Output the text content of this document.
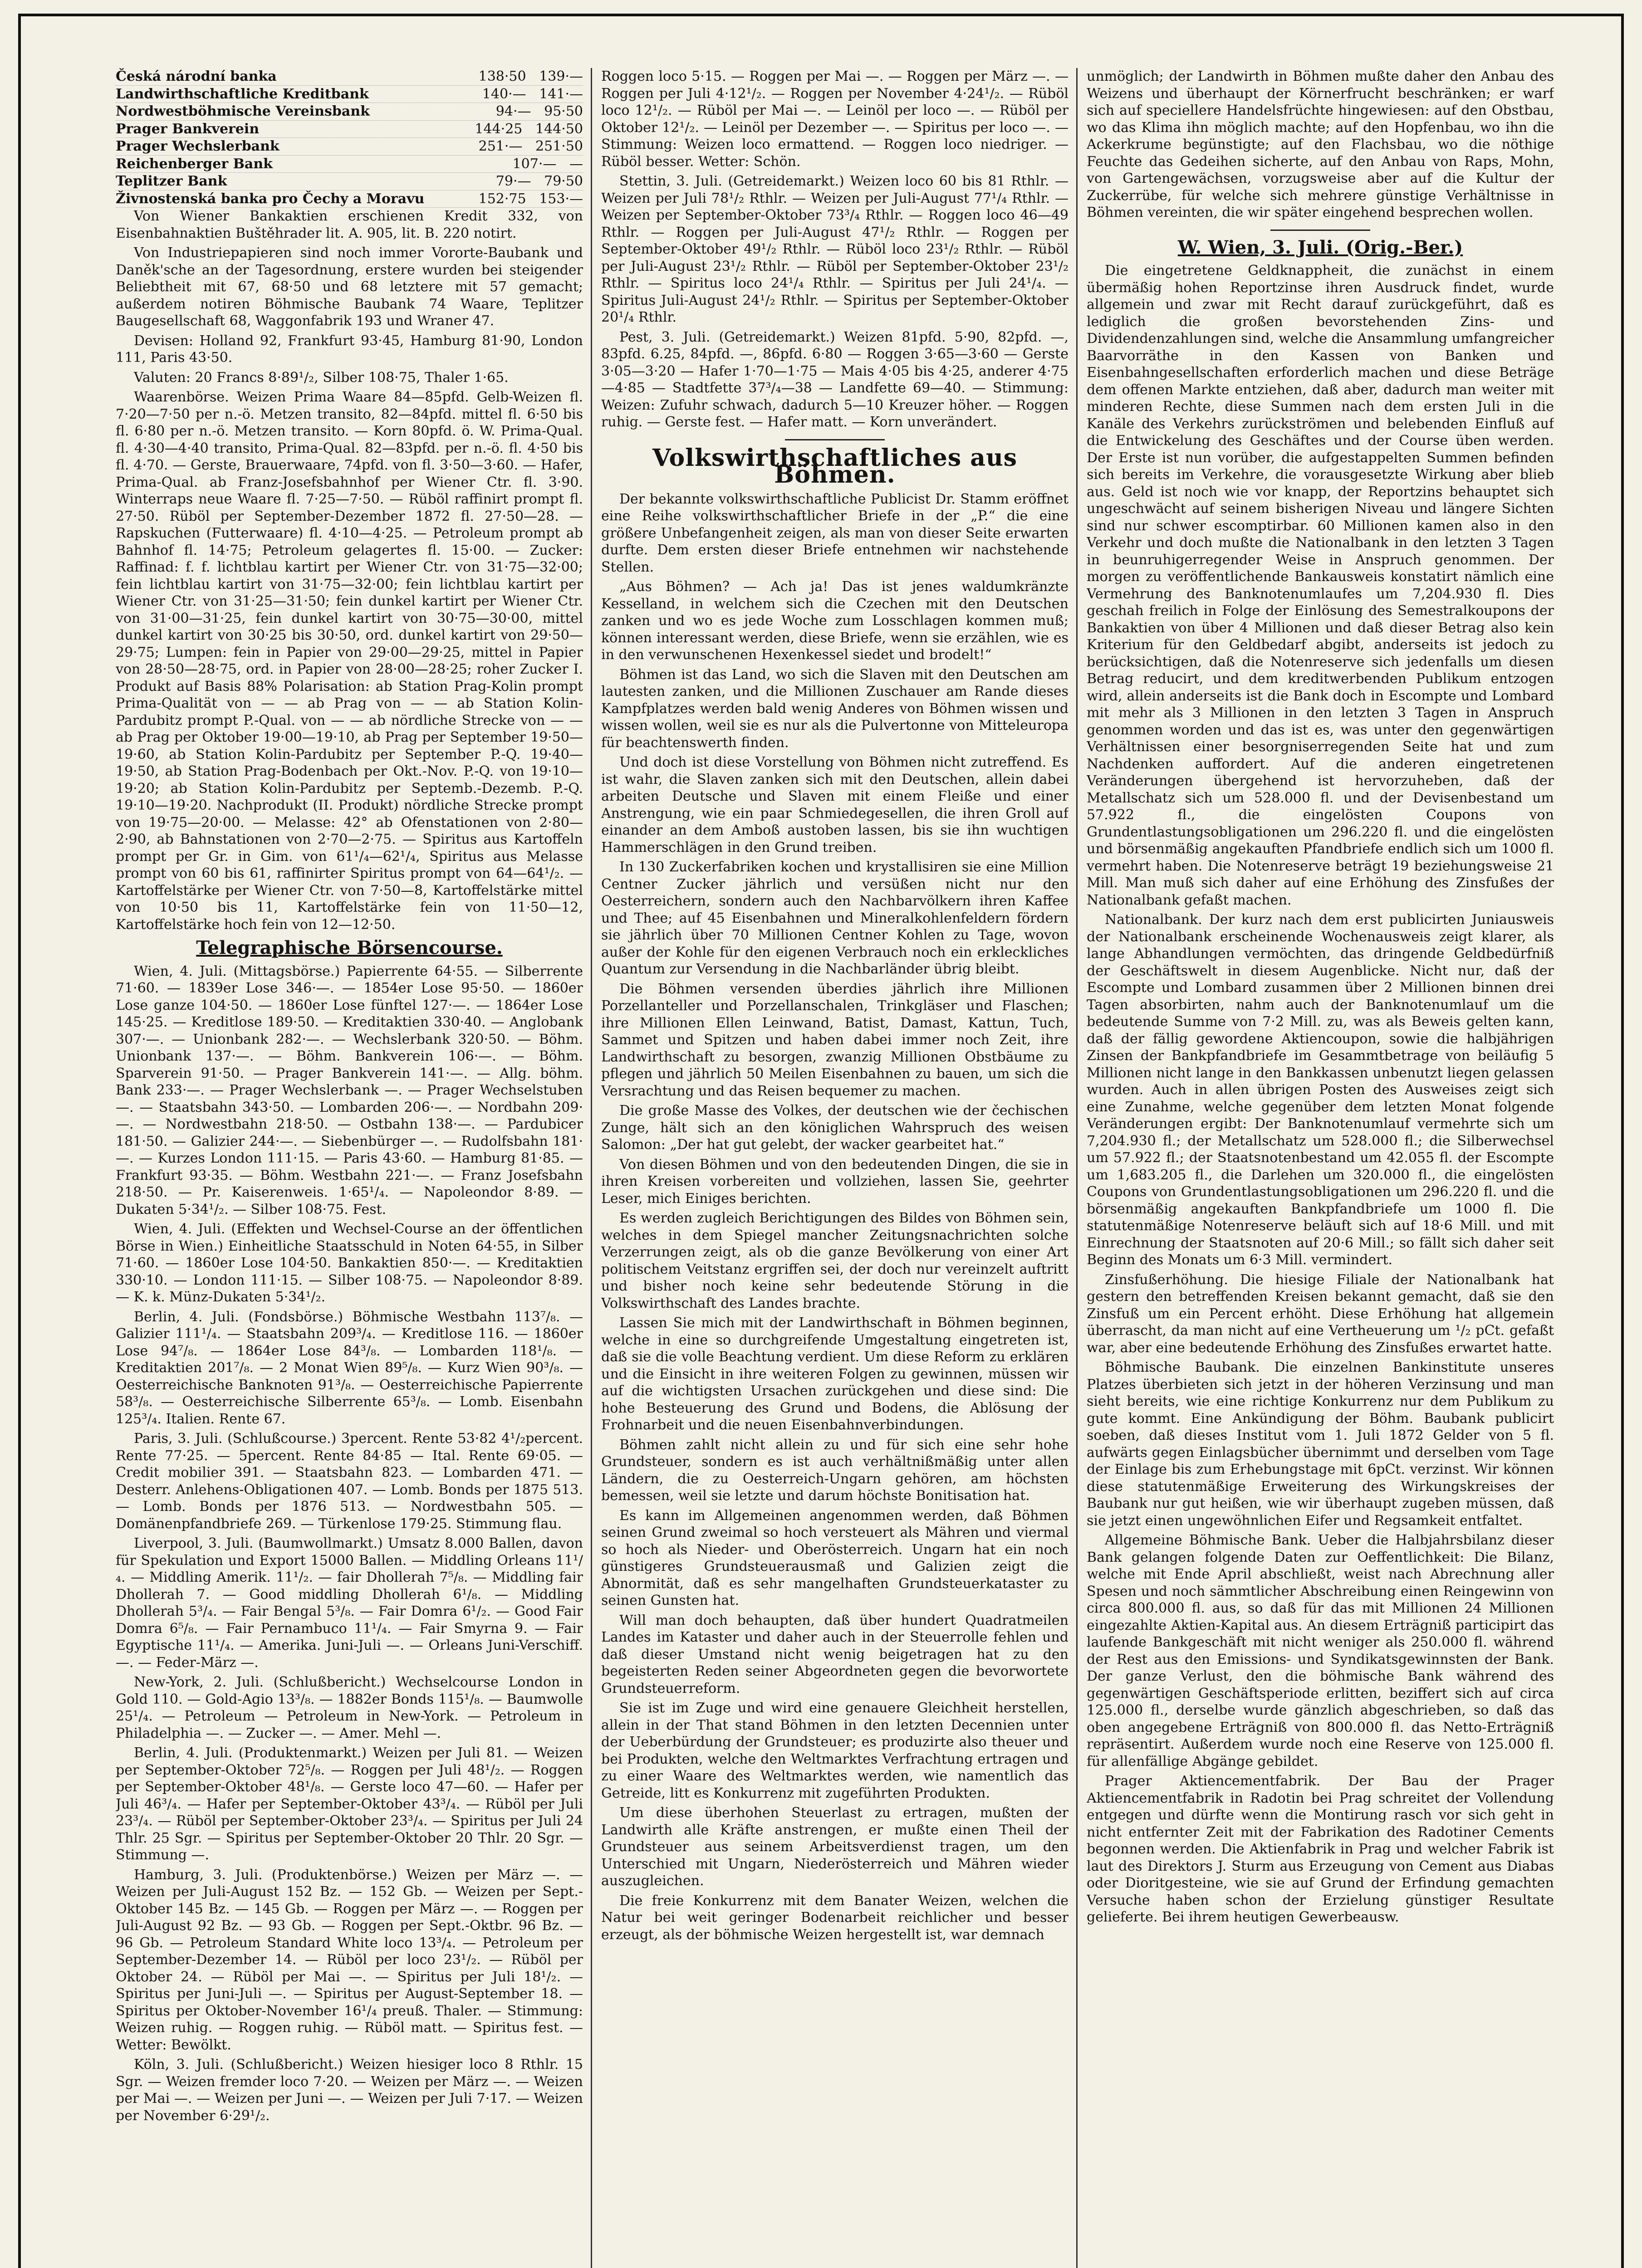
Česká národní banka	138·50 139·—
Landwirthschaftliche Kreditbank	140·— 141·—
Nordwestböhmische Vereinsbank	94·— 95·50
Prager Bankverein	144·25 144·50
Prager Wechslerbank	251·— 251·50
Reichenberger Bank	107·— —
Teplitzer Bank	79·— 79·50
Živnostenská banka pro Čechy a Moravu	152·75 153·—

Von Wiener Bankaktien erschienen Kredit 332, von Eisenbahnaktien Buštěhrader lit. A. 905, lit. B. 220 notirt.

Von Industriepapieren sind noch immer Vororte-Baubank und Daněk'sche an der Tagesordnung, erstere wurden bei steigender Beliebtheit mit 67, 68·50 und 68 letztere mit 57 gemacht; außerdem notiren Böhmische Baubank 74 Waare, Teplitzer Baugesellschaft 68, Waggonfabrik 193 und Wraner 47.

Devisen: Holland 92, Frankfurt 93·45, Hamburg 81·90, London 111, Paris 43·50.

Valuten: 20 Francs 8·89¹/₂, Silber 108·75, Thaler 1·65.

Waarenbörse. Weizen Prima Waare 84—85pfd. Gelb-Weizen fl. 7·20—7·50 per n.-ö. Metzen transito, 82—84pfd. mittel fl. 6·50 bis fl. 6·80 per n.-ö. Metzen transito. — Korn 80pfd. ö. W. Prima-Qual. fl. 4·30—4·40 transito, Prima-Qual. 82—83pfd. per n.-ö. fl. 4·50 bis fl. 4·70. — Gerste, Brauerwaare, 74pfd. von fl. 3·50—3·60. — Hafer, Prima-Qual. ab Franz-Josefsbahnhof per Wiener Ctr. fl. 3·90. Winterraps neue Waare fl. 7·25—7·50. — Rüböl raffinirt prompt fl. 27·50. Rüböl per September-Dezember 1872 fl. 27·50—28. — Rapskuchen (Futterwaare) fl. 4·10—4·25. — Petroleum prompt ab Bahnhof fl. 14·75; Petroleum gelagertes fl. 15·00. — Zucker: Raffinad: f. f. lichtblau kartirt per Wiener Ctr. von 31·75—32·00; fein lichtblau kartirt von 31·75—32·00; fein lichtblau kartirt per Wiener Ctr. von 31·25—31·50; fein dunkel kartirt per Wiener Ctr. von 31·00—31·25, fein dunkel kartirt von 30·75—30·00, mittel dunkel kartirt von 30·25 bis 30·50, ord. dunkel kartirt von 29·50—29·75; Lumpen: fein in Papier von 29·00—29·25, mittel in Papier von 28·50—28·75, ord. in Papier von 28·00—28·25; roher Zucker I. Produkt auf Basis 88% Polarisation: ab Station Prag-Kolin prompt Prima-Qualität von — — ab Prag von — — ab Station Kolin-Pardubitz prompt P.-Qual. von — — ab nördliche Strecke von — — ab Prag per Oktober 19·00—19·10, ab Prag per September 19·50—19·60, ab Station Kolin-Pardubitz per September P.-Q. 19·40—19·50, ab Station Prag-Bodenbach per Okt.-Nov. P.-Q. von 19·10—19·20; ab Station Kolin-Pardubitz per Septemb.-Dezemb. P.-Q. 19·10—19·20. Nachprodukt (II. Produkt) nördliche Strecke prompt von 19·75—20·00. — Melasse: 42° ab Ofenstationen von 2·80—2·90, ab Bahnstationen von 2·70—2·75. — Spiritus aus Kartoffeln prompt per Gr. in Gim. von 61¹/₄—62¹/₄, Spiritus aus Melasse prompt von 60 bis 61, raffinirter Spiritus prompt von 64—64¹/₂. — Kartoffelstärke per Wiener Ctr. von 7·50—8, Kartoffelstärke mittel von 10·50 bis 11, Kartoffelstärke fein von 11·50—12, Kartoffelstärke hoch fein von 12—12·50.

Telegraphische Börsencourse.

Wien, 4. Juli. (Mittagsbörse.) Papierrente 64·55. — Silberrente 71·60. — 1839er Lose 346·—. — 1854er Lose 95·50. — 1860er Lose ganze 104·50. — 1860er Lose fünftel 127·—. — 1864er Lose 145·25. — Kreditlose 189·50. — Kreditaktien 330·40. — Anglobank 307·—. — Unionbank 282·—. — Wechslerbank 320·50. — Böhm. Unionbank 137·—. — Böhm. Bankverein 106·—. — Böhm. Sparverein 91·50. — Prager Bankverein 141·—. — Allg. böhm. Bank 233·—. — Prager Wechslerbank —. — Prager Wechselstuben —. — Staatsbahn 343·50. — Lombarden 206·—. — Nordbahn 209·—. — Nordwestbahn 218·50. — Ostbahn 138·—. — Pardubicer 181·50. — Galizier 244·—. — Siebenbürger —. — Rudolfsbahn 181·—. — Kurzes London 111·15. — Paris 43·60. — Hamburg 81·85. — Frankfurt 93·35. — Böhm. Westbahn 221·—. — Franz Josefsbahn 218·50. — Pr. Kaiserenweis. 1·65¹/₄. — Napoleondor 8·89. — Dukaten 5·34¹/₂. — Silber 108·75. Fest.

Wien, 4. Juli. (Effekten und Wechsel-Course an der öffentlichen Börse in Wien.) Einheitliche Staatsschuld in Noten 64·55, in Silber 71·60. — 1860er Lose 104·50. Bankaktien 850·—. — Kreditaktien 330·10. — London 111·15. — Silber 108·75. — Napoleondor 8·89. — K. k. Münz-Dukaten 5·34¹/₂.

Berlin, 4. Juli. (Fondsbörse.) Böhmische Westbahn 113⁷/₈. — Galizier 111¹/₄. — Staatsbahn 209³/₄. — Kreditlose 116. — 1860er Lose 94⁷/₈. — 1864er Lose 84³/₈. — Lombarden 118¹/₈. — Kreditaktien 201⁷/₈. — 2 Monat Wien 89⁵/₈. — Kurz Wien 90³/₈. — Oesterreichische Banknoten 91³/₈. — Oesterreichische Papierrente 58³/₈. — Oesterreichische Silberrente 65³/₈. — Lomb. Eisenbahn 125³/₄. Italien. Rente 67.

Paris, 3. Juli. (Schlußcourse.) 3percent. Rente 53·82 4¹/₂percent. Rente 77·25. — 5percent. Rente 84·85 — Ital. Rente 69·05. — Credit mobilier 391. — Staatsbahn 823. — Lombarden 471. — Desterr. Anlehens-Obligationen 407. — Lomb. Bonds per 1875 513. — Lomb. Bonds per 1876 513. — Nordwestbahn 505. — Domänenpfandbriefe 269. — Türkenlose 179·25. Stimmung flau.

Liverpool, 3. Juli. (Baumwollmarkt.) Umsatz 8.000 Ballen, davon für Spekulation und Export 15000 Ballen. — Middling Orleans 11¹/₄. — Middling Amerik. 11¹/₂. — fair Dhollerah 7⁵/₈. — Middling fair Dhollerah 7. — Good middling Dhollerah 6¹/₈. — Middling Dhollerah 5³/₄. — Fair Bengal 5³/₈. — Fair Domra 6¹/₂. — Good Fair Domra 6⁵/₈. — Fair Pernambuco 11¹/₄. — Fair Smyrna 9. — Fair Egyptische 11¹/₄. — Amerika. Juni-Juli —. — Orleans Juni-Verschiff. —. — Feder-März —.

New-York, 2. Juli. (Schlußbericht.) Wechselcourse London in Gold 110. — Gold-Agio 13³/₈. — 1882er Bonds 115¹/₈. — Baumwolle 25¹/₄. — Petroleum — Petroleum in New-York. — Petroleum in Philadelphia —. — Zucker —. — Amer. Mehl —.

Berlin, 4. Juli. (Produktenmarkt.) Weizen per Juli 81. — Weizen per September-Oktober 72⁵/₈. — Roggen per Juli 48¹/₂. — Roggen per September-Oktober 48¹/₈. — Gerste loco 47—60. — Hafer per Juli 46³/₄. — Hafer per September-Oktober 43³/₄. — Rüböl per Juli 23³/₄. — Rüböl per September-Oktober 23³/₄. — Spiritus per Juli 24 Thlr. 25 Sgr. — Spiritus per September-Oktober 20 Thlr. 20 Sgr. — Stimmung —.

Hamburg, 3. Juli. (Produktenbörse.) Weizen per März —. — Weizen per Juli-August 152 Bz. — 152 Gb. — Weizen per Sept.-Oktober 145 Bz. — 145 Gb. — Roggen per März —. — Roggen per Juli-August 92 Bz. — 93 Gb. — Roggen per Sept.-Oktbr. 96 Bz. — 96 Gb. — Petroleum Standard White loco 13³/₄. — Petroleum per September-Dezember 14. — Rüböl per loco 23¹/₂. — Rüböl per Oktober 24. — Rüböl per Mai —. — Spiritus per Juli 18¹/₂. — Spiritus per Juni-Juli —. — Spiritus per August-September 18. — Spiritus per Oktober-November 16¹/₄ preuß. Thaler. — Stimmung: Weizen ruhig. — Roggen ruhig. — Rüböl matt. — Spiritus fest. — Wetter: Bewölkt.

Köln, 3. Juli. (Schlußbericht.) Weizen hiesiger loco 8 Rthlr. 15 Sgr. — Weizen fremder loco 7·20. — Weizen per März —. — Weizen per Mai —. — Weizen per Juni —. — Weizen per Juli 7·17. — Weizen per November 6·29¹/₂.

Roggen loco 5·15. — Roggen per Mai —. — Roggen per März —. — Roggen per Juli 4·12¹/₂. — Roggen per November 4·24¹/₂. — Rüböl loco 12¹/₂. — Rüböl per Mai —. — Leinöl per loco —. — Rüböl per Oktober 12¹/₂. — Leinöl per Dezember —. — Spiritus per loco —. — Stimmung: Weizen loco ermattend. — Roggen loco niedriger. — Rüböl besser. Wetter: Schön.

Stettin, 3. Juli. (Getreidemarkt.) Weizen loco 60 bis 81 Rthlr. — Weizen per Juli 78¹/₂ Rthlr. — Weizen per Juli-August 77¹/₄ Rthlr. — Weizen per September-Oktober 73³/₄ Rthlr. — Roggen loco 46—49 Rthlr. — Roggen per Juli-August 47¹/₂ Rthlr. — Roggen per September-Oktober 49¹/₂ Rthlr. — Rüböl loco 23¹/₂ Rthlr. — Rüböl per Juli-August 23¹/₂ Rthlr. — Rüböl per September-Oktober 23¹/₂ Rthlr. — Spiritus loco 24¹/₄ Rthlr. — Spiritus per Juli 24¹/₄. — Spiritus Juli-August 24¹/₂ Rthlr. — Spiritus per September-Oktober 20¹/₄ Rthlr.

Pest, 3. Juli. (Getreidemarkt.) Weizen 81pfd. 5·90, 82pfd. —, 83pfd. 6.25, 84pfd. —, 86pfd. 6·80 — Roggen 3·65—3·60 — Gerste 3·05—3·20 — Hafer 1·70—1·75 — Mais 4·05 bis 4·25, anderer 4·75—4·85 — Stadtfette 37³/₄—38 — Landfette 69—40. — Stimmung: Weizen: Zufuhr schwach, dadurch 5—10 Kreuzer höher. — Roggen ruhig. — Gerste fest. — Hafer matt. — Korn unverändert.

Volkswirthschaftliches aus Böhmen.

Der bekannte volkswirthschaftliche Publicist Dr. Stamm eröffnet eine Reihe volkswirthschaftlicher Briefe in der „P.“ die eine größere Unbefangenheit zeigen, als man von dieser Seite erwarten durfte. Dem ersten dieser Briefe entnehmen wir nachstehende Stellen.

„Aus Böhmen? — Ach ja! Das ist jenes waldumkränzte Kesselland, in welchem sich die Czechen mit den Deutschen zanken und wo es jede Woche zum Losschlagen kommen muß; können interessant werden, diese Briefe, wenn sie erzählen, wie es in den verwunschenen Hexenkessel siedet und brodelt!“

Böhmen ist das Land, wo sich die Slaven mit den Deutschen am lautesten zanken, und die Millionen Zuschauer am Rande dieses Kampfplatzes werden bald wenig Anderes von Böhmen wissen und wissen wollen, weil sie es nur als die Pulvertonne von Mitteleuropa für beachtenswerth finden.

Und doch ist diese Vorstellung von Böhmen nicht zutreffend. Es ist wahr, die Slaven zanken sich mit den Deutschen, allein dabei arbeiten Deutsche und Slaven mit einem Fleiße und einer Anstrengung, wie ein paar Schmiedegesellen, die ihren Groll auf einander an dem Amboß austoben lassen, bis sie ihn wuchtigen Hammerschlägen in den Grund treiben.

In 130 Zuckerfabriken kochen und krystallisiren sie eine Million Centner Zucker jährlich und versüßen nicht nur den Oesterreichern, sondern auch den Nachbarvölkern ihren Kaffee und Thee; auf 45 Eisenbahnen und Mineralkohlenfeldern fördern sie jährlich über 70 Millionen Centner Kohlen zu Tage, wovon außer der Kohle für den eigenen Verbrauch noch ein erkleckliches Quantum zur Versendung in die Nachbarländer übrig bleibt.

Die Böhmen versenden überdies jährlich ihre Millionen Porzellanteller und Porzellanschalen, Trinkgläser und Flaschen; ihre Millionen Ellen Leinwand, Batist, Damast, Kattun, Tuch, Sammet und Spitzen und haben dabei immer noch Zeit, ihre Landwirthschaft zu besorgen, zwanzig Millionen Obstbäume zu pflegen und jährlich 50 Meilen Eisenbahnen zu bauen, um sich die Versrachtung und das Reisen bequemer zu machen.

Die große Masse des Volkes, der deutschen wie der čechischen Zunge, hält sich an den königlichen Wahrspruch des weisen Salomon: „Der hat gut gelebt, der wacker gearbeitet hat.“

Von diesen Böhmen und von den bedeutenden Dingen, die sie in ihren Kreisen vorbereiten und vollziehen, lassen Sie, geehrter Leser, mich Einiges berichten.

Es werden zugleich Berichtigungen des Bildes von Böhmen sein, welches in dem Spiegel mancher Zeitungsnachrichten solche Verzerrungen zeigt, als ob die ganze Bevölkerung von einer Art politischem Veitstanz ergriffen sei, der doch nur vereinzelt auftritt und bisher noch keine sehr bedeutende Störung in die Volkswirthschaft des Landes brachte.

Lassen Sie mich mit der Landwirthschaft in Böhmen beginnen, welche in eine so durchgreifende Umgestaltung eingetreten ist, daß sie die volle Beachtung verdient. Um diese Reform zu erklären und die Einsicht in ihre weiteren Folgen zu gewinnen, müssen wir auf die wichtigsten Ursachen zurückgehen und diese sind: Die hohe Besteuerung des Grund und Bodens, die Ablösung der Frohnarbeit und die neuen Eisenbahnverbindungen.

Böhmen zahlt nicht allein zu und für sich eine sehr hohe Grundsteuer, sondern es ist auch verhältnißmäßig unter allen Ländern, die zu Oesterreich-Ungarn gehören, am höchsten bemessen, weil sie letzte und darum höchste Bonitisation hat.

Es kann im Allgemeinen angenommen werden, daß Böhmen seinen Grund zweimal so hoch versteuert als Mähren und viermal so hoch als Nieder- und Oberösterreich. Ungarn hat ein noch günstigeres Grundsteuerausmaß und Galizien zeigt die Abnormität, daß es sehr mangelhaften Grundsteuerkataster zu seinen Gunsten hat.

Will man doch behaupten, daß über hundert Quadratmeilen Landes im Kataster und daher auch in der Steuerrolle fehlen und daß dieser Umstand nicht wenig beigetragen hat zu den begeisterten Reden seiner Abgeordneten gegen die bevorwortete Grundsteuerreform.

Sie ist im Zuge und wird eine genauere Gleichheit herstellen, allein in der That stand Böhmen in den letzten Decennien unter der Ueberbürdung der Grundsteuer; es produzirte also theuer und bei Produkten, welche den Weltmarktes Verfrachtung ertragen und zu einer Waare des Weltmarktes werden, wie namentlich das Getreide, litt es Konkurrenz mit zugeführten Produkten.

Um diese überhohen Steuerlast zu ertragen, mußten der Landwirth alle Kräfte anstrengen, er mußte einen Theil der Grundsteuer aus seinem Arbeitsverdienst tragen, um den Unterschied mit Ungarn, Niederösterreich und Mähren wieder auszugleichen.

Die freie Konkurrenz mit dem Banater Weizen, welchen die Natur bei weit geringer Bodenarbeit reichlicher und besser erzeugt, als der böhmische Weizen hergestellt ist, war demnach

unmöglich; der Landwirth in Böhmen mußte daher den Anbau des Weizens und überhaupt der Körnerfrucht beschränken; er warf sich auf speciellere Handelsfrüchte hingewiesen: auf den Obstbau, wo das Klima ihn möglich machte; auf den Hopfenbau, wo ihn die Ackerkrume begünstigte; auf den Flachsbau, wo die nöthige Feuchte das Gedeihen sicherte, auf den Anbau von Raps, Mohn, von Gartengewächsen, vorzugsweise aber auf die Kultur der Zuckerrübe, für welche sich mehrere günstige Verhältnisse in Böhmen vereinten, die wir später eingehend besprechen wollen.

W. Wien, 3. Juli. (Orig.-Ber.)

Die eingetretene Geldknappheit, die zunächst in einem übermäßig hohen Reportzinse ihren Ausdruck findet, wurde allgemein und zwar mit Recht darauf zurückgeführt, daß es lediglich die großen bevorstehenden Zins- und Dividendenzahlungen sind, welche die Ansammlung umfangreicher Baarvorräthe in den Kassen von Banken und Eisenbahngesellschaften erforderlich machen und diese Beträge dem offenen Markte entziehen, daß aber, dadurch man weiter mit minderen Rechte, diese Summen nach dem ersten Juli in die Kanäle des Verkehrs zurückströmen und belebenden Einfluß auf die Entwickelung des Geschäftes und der Course üben werden. Der Erste ist nun vorüber, die aufgestappelten Summen befinden sich bereits im Verkehre, die vorausgesetzte Wirkung aber blieb aus. Geld ist noch wie vor knapp, der Reportzins behauptet sich ungeschwächt auf seinem bisherigen Niveau und längere Sichten sind nur schwer escomptirbar. 60 Millionen kamen also in den Verkehr und doch mußte die Nationalbank in den letzten 3 Tagen in beunruhigerregender Weise in Anspruch genommen. Der morgen zu veröffentlichende Bankausweis konstatirt nämlich eine Vermehrung des Banknotenumlaufes um 7,204.930 fl. Dies geschah freilich in Folge der Einlösung des Semestralkoupons der Bankaktien von über 4 Millionen und daß dieser Betrag also kein Kriterium für den Geldbedarf abgibt, anderseits ist jedoch zu berücksichtigen, daß die Notenreserve sich jedenfalls um diesen Betrag reducirt, und dem kreditwerbenden Publikum entzogen wird, allein anderseits ist die Bank doch in Escompte und Lombard mit mehr als 3 Millionen in den letzten 3 Tagen in Anspruch genommen worden und das ist es, was unter den gegenwärtigen Verhältnissen einer besorgniserregenden Seite hat und zum Nachdenken auffordert. Auf die anderen eingetretenen Veränderungen übergehend ist hervorzuheben, daß der Metallschatz sich um 528.000 fl. und der Devisenbestand um 57.922 fl., die eingelösten Coupons von Grundentlastungsobligationen um 296.220 fl. und die eingelösten und börsenmäßig angekauften Pfandbriefe endlich sich um 1000 fl. vermehrt haben. Die Notenreserve beträgt 19 beziehungsweise 21 Mill. Man muß sich daher auf eine Erhöhung des Zinsfußes der Nationalbank gefaßt machen.

Nationalbank. Der kurz nach dem erst publicirten Juniausweis der Nationalbank erscheinende Wochenausweis zeigt klarer, als lange Abhandlungen vermöchten, das dringende Geldbedürfniß der Geschäftswelt in diesem Augenblicke. Nicht nur, daß der Escompte und Lombard zusammen über 2 Millionen binnen drei Tagen absorbirten, nahm auch der Banknotenumlauf um die bedeutende Summe von 7·2 Mill. zu, was als Beweis gelten kann, daß der fällig gewordene Aktiencoupon, sowie die halbjährigen Zinsen der Bankpfandbriefe im Gesammtbetrage von beiläufig 5 Millionen nicht lange in den Bankkassen unbenutzt liegen gelassen wurden. Auch in allen übrigen Posten des Ausweises zeigt sich eine Zunahme, welche gegenüber dem letzten Monat folgende Veränderungen ergibt: Der Banknotenumlauf vermehrte sich um 7,204.930 fl.; der Metallschatz um 528.000 fl.; die Silberwechsel um 57.922 fl.; der Staatsnotenbestand um 42.055 fl. der Escompte um 1,683.205 fl., die Darlehen um 320.000 fl., die eingelösten Coupons von Grundentlastungsobligationen um 296.220 fl. und die börsenmäßig angekauften Bankpfandbriefe um 1000 fl. Die statutenmäßige Notenreserve beläuft sich auf 18·6 Mill. und mit Einrechnung der Staatsnoten auf 20·6 Mill.; so fällt sich daher seit Beginn des Monats um 6·3 Mill. vermindert.

Zinsfußerhöhung. Die hiesige Filiale der Nationalbank hat gestern den betreffenden Kreisen bekannt gemacht, daß sie den Zinsfuß um ein Percent erhöht. Diese Erhöhung hat allgemein überrascht, da man nicht auf eine Vertheuerung um ¹/₂ pCt. gefaßt war, aber eine bedeutende Erhöhung des Zinsfußes erwartet hatte.

Böhmische Baubank. Die einzelnen Bankinstitute unseres Platzes überbieten sich jetzt in der höheren Verzinsung und man sieht bereits, wie eine richtige Konkurrenz nur dem Publikum zu gute kommt. Eine Ankündigung der Böhm. Baubank publicirt soeben, daß dieses Institut vom 1. Juli 1872 Gelder von 5 fl. aufwärts gegen Einlagsbücher übernimmt und derselben vom Tage der Einlage bis zum Erhebungstage mit 6pCt. verzinst. Wir können diese statutenmäßige Erweiterung des Wirkungskreises der Baubank nur gut heißen, wie wir überhaupt zugeben müssen, daß sie jetzt einen ungewöhnlichen Eifer und Regsamkeit entfaltet.

Allgemeine Böhmische Bank. Ueber die Halbjahrsbilanz dieser Bank gelangen folgende Daten zur Oeffentlichkeit: Die Bilanz, welche mit Ende April abschließt, weist nach Abrechnung aller Spesen und noch sämmtlicher Abschreibung einen Reingewinn von circa 800.000 fl. aus, so daß für das mit Millionen 24 Millionen eingezahlte Aktien-Kapital aus. An diesem Erträgniß participirt das laufende Bankgeschäft mit nicht weniger als 250.000 fl. während der Rest aus den Emissions- und Syndikatsgewinnsten der Bank. Der ganze Verlust, den die böhmische Bank während des gegenwärtigen Geschäftsperiode erlitten, beziffert sich auf circa 125.000 fl., derselbe wurde gänzlich abgeschrieben, so daß das oben angegebene Erträgniß von 800.000 fl. das Netto-Erträgniß repräsentirt. Außerdem wurde noch eine Reserve von 125.000 fl. für allenfällige Abgänge gebildet.

Prager Aktiencementfabrik. Der Bau der Prager Aktiencementfabrik in Radotin bei Prag schreitet der Vollendung entgegen und dürfte wenn die Montirung rasch vor sich geht in nicht entfernter Zeit mit der Fabrikation des Radotiner Cements begonnen werden. Die Aktienfabrik in Prag und welcher Fabrik ist laut des Direktors J. Sturm aus Erzeugung von Cement aus Diabas oder Dioritgesteine, wie sie auf Grund der Erfindung gemachten Versuche haben schon der Erzielung günstiger Resultate gelieferte. Bei ihrem heutigen Gewerbeausw.
